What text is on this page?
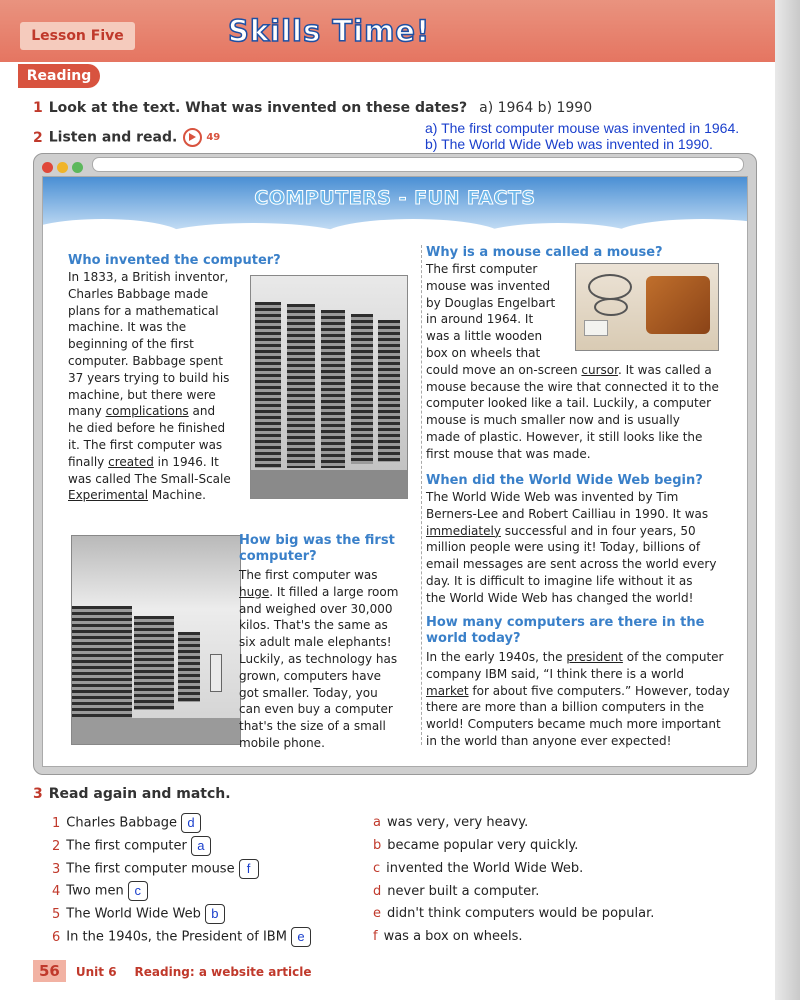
Lesson Five	Skills Time!
Reading
1 Look at the text. What was invented on these dates? a) 1964 b) 1990
2 Listen and read.	49
a) The first computer mouse was invented in 1964.
b) The World Wide Web was invented in 1990.
COMPUTERS - FUN FACTS
Who invented the computer?
In 1833, a British inventor,
Charles Babbage made
plans for a mathematical
machine. It was the
beginning of the first
computer. Babbage spent
37 years trying to build his
machine, but there were
many complications and
he died before he finished
it. The first computer was
finally created in 1946. It
was called The Small-Scale
Experimental Machine.
How big was the first
computer?
The first computer was
huge. It filled a large room
and weighed over 30,000
kilos. That's the same as
six adult male elephants!
Luckily, as technology has
grown, computers have
got smaller. Today, you
can even buy a computer
that's the size of a small
mobile phone.
Why is a mouse called a mouse?
The first computer
mouse was invented
by Douglas Engelbart
in around 1964. It
was a little wooden
box on wheels that
could move an on-screen cursor. It was called a
mouse because the wire that connected it to the
computer looked like a tail. Luckily, a computer
mouse is much smaller now and is usually
made of plastic. However, it still looks like the
first mouse that was made.
When did the World Wide Web begin?
The World Wide Web was invented by Tim
Berners-Lee and Robert Cailliau in 1990. It was
immediately successful and in four years, 50
million people were using it! Today, billions of
email messages are sent across the world every
day. It is difficult to imagine life without it as
the World Wide Web has changed the world!
How many computers are there in the
world today?
In the early 1940s, the president of the computer
company IBM said, “I think there is a world
market for about five computers.” However, today
there are more than a billion computers in the
world! Computers became much more important
in the world than anyone ever expected!
3 Read again and match.
1 Charles Babbage d
2 The first computer a
3 The first computer mouse f
4 Two men c
5 The World Wide Web b
6 In the 1940s, the President of IBM e
a was very, very heavy.
b became popular very quickly.
c invented the World Wide Web.
d never built a computer.
e didn't think computers would be popular.
f was a box on wheels.
56 Unit 6 Reading: a website article
